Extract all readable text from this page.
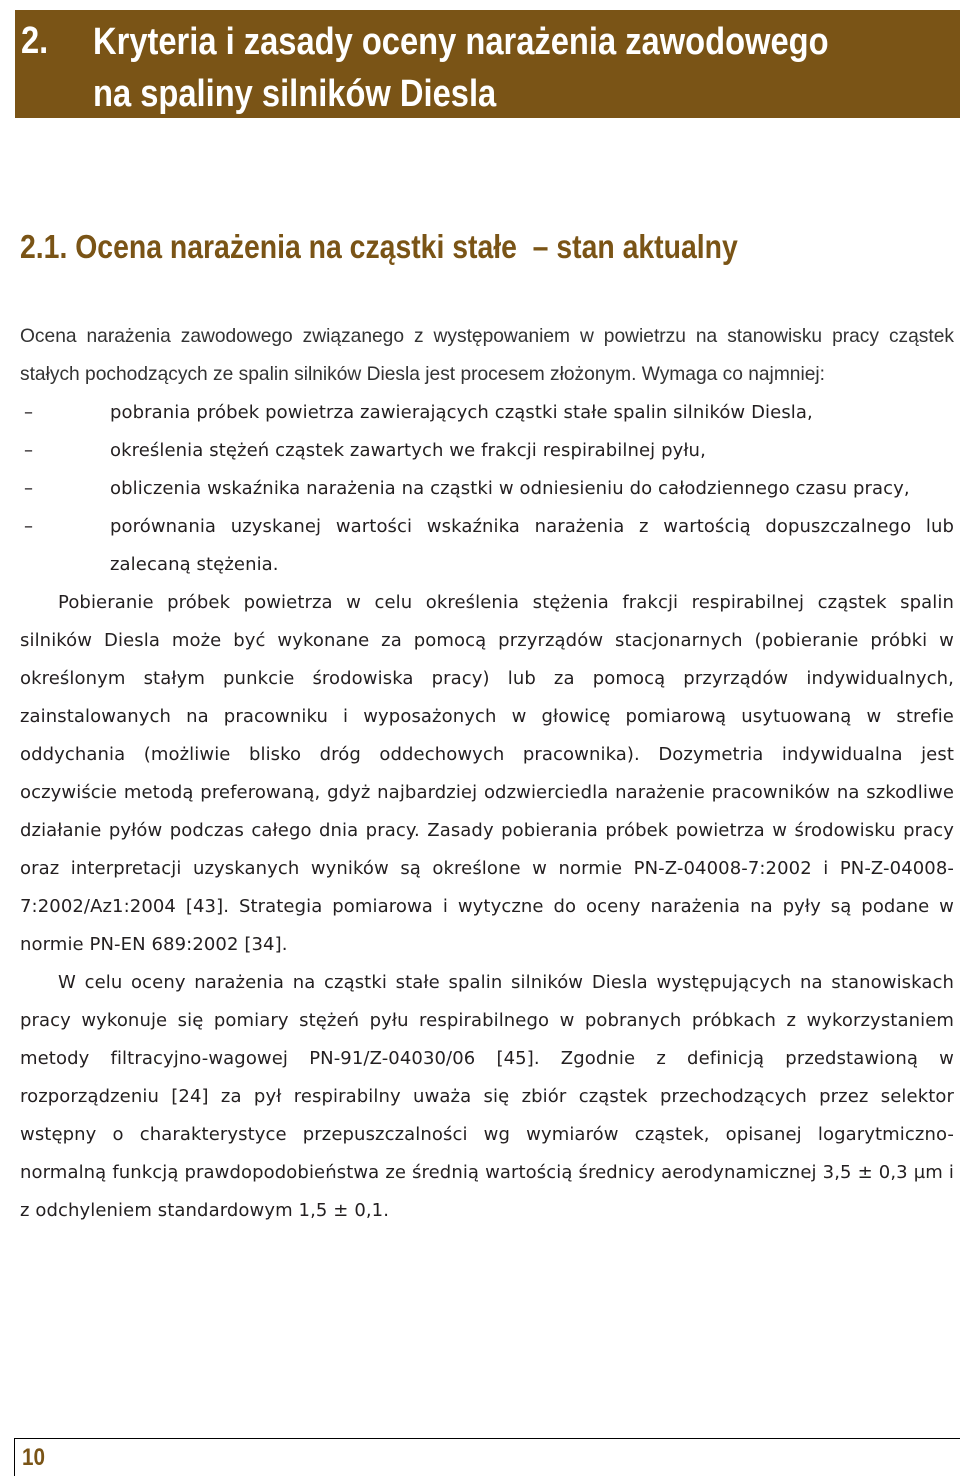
2. Kryteria i zasady oceny narażenia zawodowego
na spaliny silników Diesla
2.1. Ocena narażenia na cząstki stałe  – stan aktualny

Ocena narażenia zawodowego związanego z występowaniem w powietrzu na stanowisku pracy cząstek stałych pochodzących ze spalin silników Diesla jest procesem złożonym. Wymaga co najmniej:

–	pobrania próbek powietrza zawierających cząstki stałe spalin silników Diesla,
–	określenia stężeń cząstek zawartych we frakcji respirabilnej pyłu,
–	obliczenia wskaźnika narażenia na cząstki w odniesieniu do całodziennego czasu pracy,
–	porównania uzyskanej wartości wskaźnika narażenia z wartością dopuszczalnego lub zalecaną stężenia.

Pobieranie próbek powietrza w celu określenia stężenia frakcji respirabilnej cząstek spalin silników Diesla może być wykonane za pomocą przyrządów stacjonarnych (pobieranie próbki w określonym stałym punkcie środowiska pracy) lub za pomocą przyrządów indywidualnych, zainstalowanych na pracowniku i wyposażonych w głowicę pomiarową usytuowaną w strefie oddychania (możliwie blisko dróg oddechowych pracownika). Dozymetria indywidualna jest oczywiście metodą preferowaną, gdyż najbardziej odzwierciedla narażenie pracowników na szkodliwe działanie pyłów podczas całego dnia pracy. Zasady pobierania próbek powietrza w środowisku pracy oraz interpretacji uzyskanych wyników są określone w normie PN-Z-04008-7:2002 i PN-Z-04008-7:2002/Az1:2004 [43]. Strategia pomiarowa i wytyczne do oceny narażenia na pyły są podane w normie PN-EN 689:2002 [34].

W celu oceny narażenia na cząstki stałe spalin silników Diesla występujących na stanowiskach pracy wykonuje się pomiary stężeń pyłu respirabilnego w pobranych próbkach z wykorzystaniem metody filtracyjno-wagowej PN-91/Z-04030/06 [45]. Zgodnie z definicją przedstawioną w rozporządzeniu [24] za pył respirabilny uważa się zbiór cząstek przechodzących przez selektor wstępny o charakterystyce przepuszczalności wg wymiarów cząstek, opisanej logarytmiczno-normalną funkcją prawdopodobieństwa ze średnią wartością średnicy aerodynamicznej 3,5 ± 0,3 µm i z odchyleniem standardowym 1,5 ± 0,1.

10
